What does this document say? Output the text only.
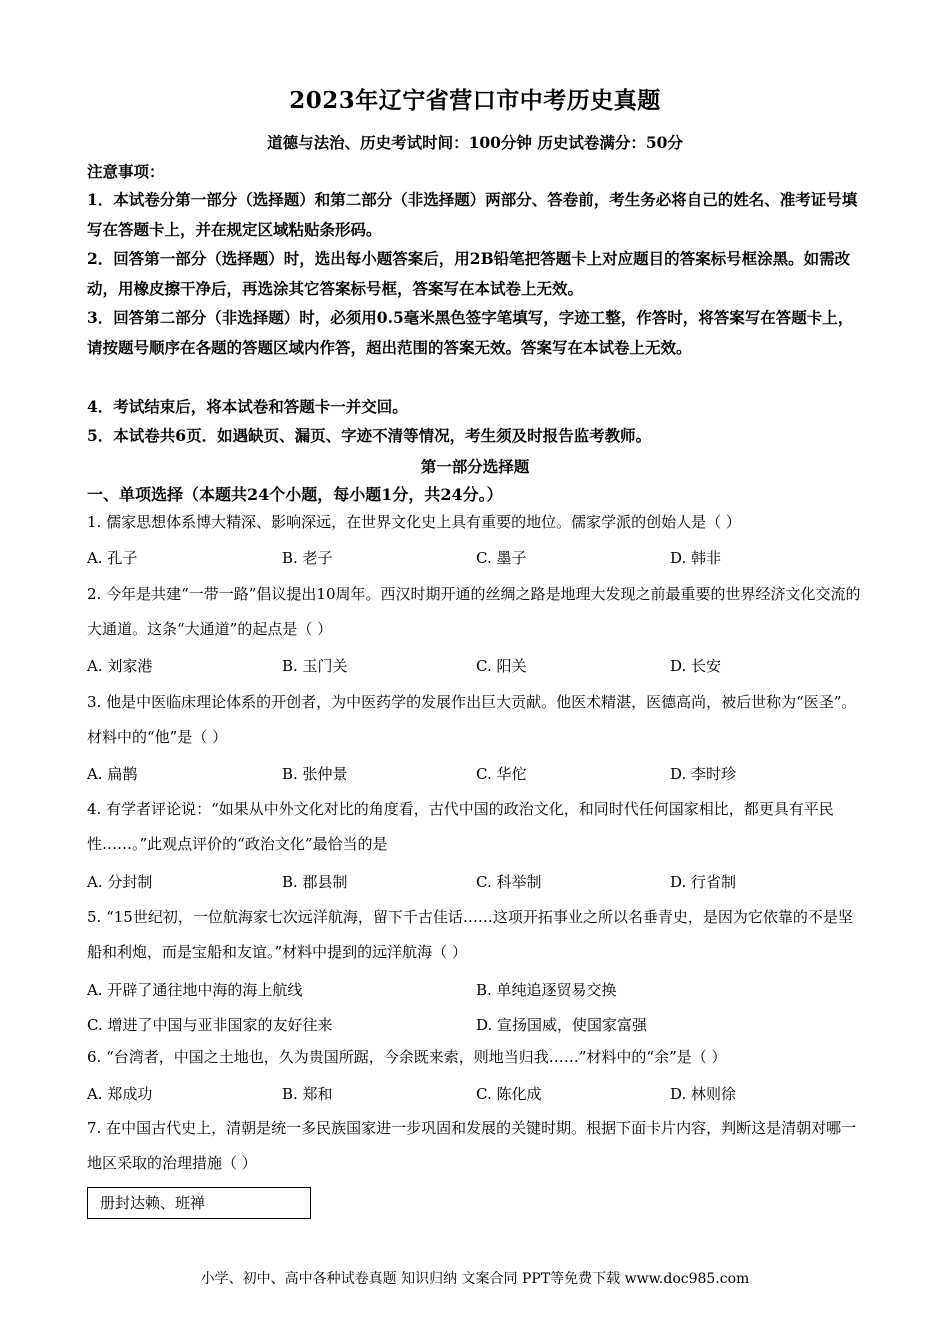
2023年辽宁省营口市中考历史真题
道德与法治、历史考试时间：100分钟 历史试卷满分：50分
注意事项：
1．本试卷分第一部分（选择题）和第二部分（非选择题）两部分、答卷前，考生务必将自己的姓名、准考证号填写在答题卡上，并在规定区域粘贴条形码。
2．回答第一部分（选择题）时，选出每小题答案后，用2B铅笔把答题卡上对应题目的答案标号框涂黑。如需改动，用橡皮擦干净后，再选涂其它答案标号框，答案写在本试卷上无效。
3．回答第二部分（非选择题）时，必须用0.5毫米黑色签字笔填写，字迹工整，作答时，将答案写在答题卡上，请按题号顺序在各题的答题区域内作答，超出范围的答案无效。答案写在本试卷上无效。
4．考试结束后，将本试卷和答题卡一并交回。
5．本试卷共6页．如遇缺页、漏页、字迹不清等情况，考生须及时报告监考教师。
第一部分选择题
一、单项选择（本题共24个小题，每小题1分，共24分。）
1. 儒家思想体系博大精深、影响深远，在世界文化史上具有重要的地位。儒家学派的创始人是（ ）
A. 孔子	B. 老子	C. 墨子	D. 韩非
2. 今年是共建“一带一路”倡议提出10周年。西汉时期开通的丝绸之路是地理大发现之前最重要的世界经济文化交流的大通道。这条“大通道”的起点是（ ）
A. 刘家港	B. 玉门关	C. 阳关	D. 长安
3. 他是中医临床理论体系的开创者，为中医药学的发展作出巨大贡献。他医术精湛，医德高尚，被后世称为“医圣”。材料中的“他”是（ ）
A. 扁鹊	B. 张仲景	C. 华佗	D. 李时珍
4. 有学者评论说：“如果从中外文化对比的角度看，古代中国的政治文化，和同时代任何国家相比，都更具有平民性……。”此观点评价的“政治文化”最恰当的是
A. 分封制	B. 郡县制	C. 科举制	D. 行省制
5. “15世纪初，一位航海家七次远洋航海，留下千古佳话……这项开拓事业之所以名垂青史，是因为它依靠的不是坚船和利炮，而是宝船和友谊。”材料中提到的远洋航海（ ）
A. 开辟了通往地中海的海上航线	B. 单纯追逐贸易交换
C. 增进了中国与亚非国家的友好往来	D. 宣扬国威，使国家富强
6. “台湾者，中国之土地也，久为贵国所踞，今余既来索，则地当归我……”材料中的“余”是（ ）
A. 郑成功	B. 郑和	C. 陈化成	D. 林则徐
7. 在中国古代史上，清朝是统一多民族国家进一步巩固和发展的关键时期。根据下面卡片内容，判断这是清朝对哪一地区采取的治理措施（ ）
册封达赖、班禅
小学、初中、高中各种试卷真题 知识归纳 文案合同 PPT等免费下载 www.doc985.com
